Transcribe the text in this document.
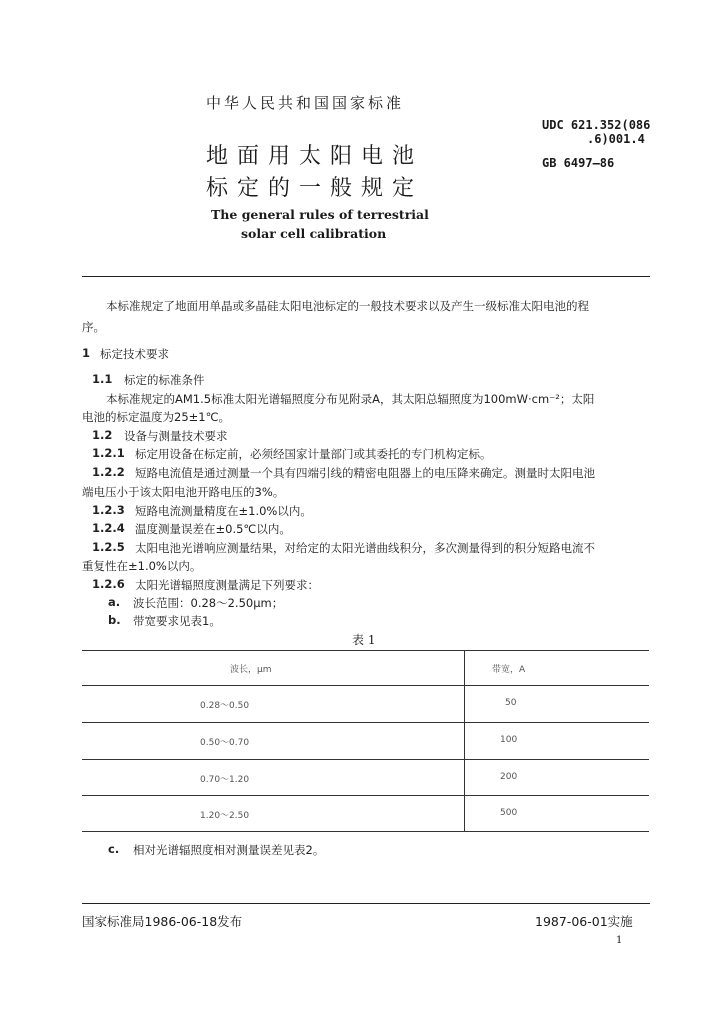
中华人民共和国国家标准
地面用太阳电池
标定的一般规定
The general rules of terrestrial
solar cell calibration
UDC 621.352(086
.6)001.4
GB 6497—86
本标准规定了地面用单晶或多晶硅太阳电池标定的一般技术要求以及产生一级标准太阳电池的程
序。
1 标定技术要求
1.1 标定的标准条件
本标准规定的AM1.5标准太阳光谱辐照度分布见附录A，其太阳总辐照度为100mW·cm⁻²；太阳
电池的标定温度为25±1℃。
1.2 设备与测量技术要求
1.2.1 标定用设备在标定前，必须经国家计量部门或其委托的专门机构定标。
1.2.2 短路电流值是通过测量一个具有四端引线的精密电阻器上的电压降来确定。测量时太阳电池
端电压小于该太阳电池开路电压的3%。
1.2.3 短路电流测量精度在±1.0%以内。
1.2.4 温度测量误差在±0.5℃以内。
1.2.5 太阳电池光谱响应测量结果，对给定的太阳光谱曲线积分，多次测量得到的积分短路电流不
重复性在±1.0%以内。
1.2.6 太阳光谱辐照度测量满足下列要求：
a. 波长范围：0.28～2.50μm；
b. 带宽要求见表1。
表 1
波长，μm	带宽，A
0.28～0.50	50
0.50～0.70	100
0.70～1.20	200
1.20～2.50	500
c. 相对光谱辐照度相对测量误差见表2。
国家标准局1986-06-18发布	1987-06-01实施
1
